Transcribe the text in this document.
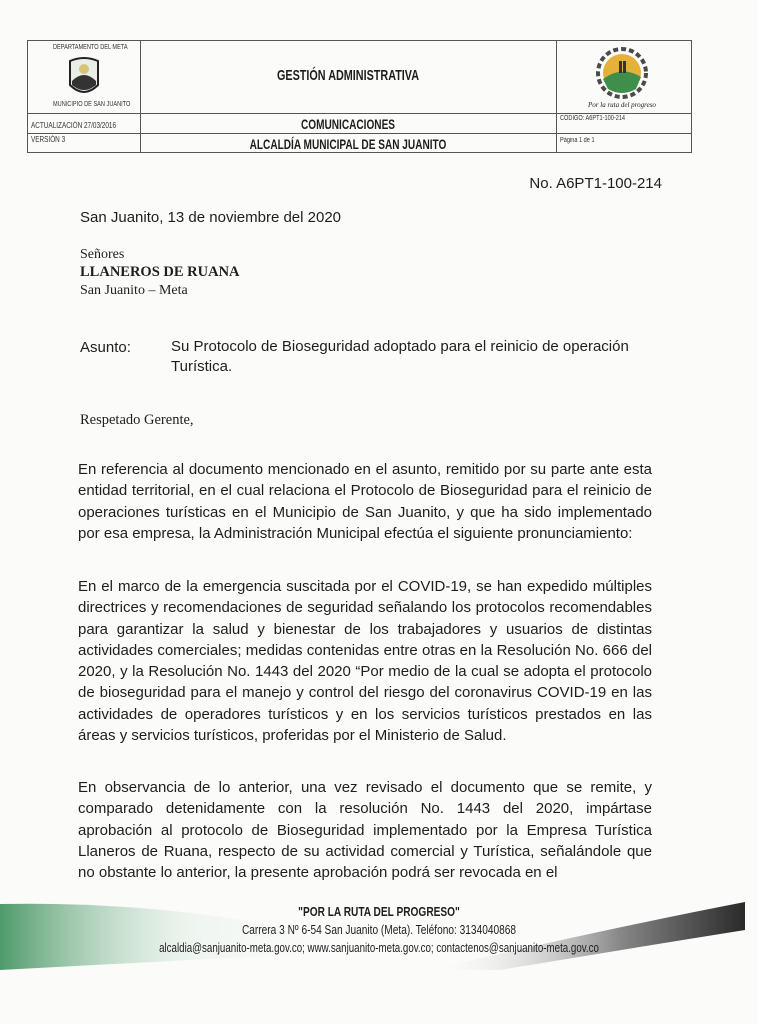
DEPARTAMENTO DEL META
MUNICIPIO DE SAN JUANITO
GESTIÓN ADMINISTRATIVA
COMUNICACIONES
ALCALDÍA MUNICIPAL DE SAN JUANITO
ACTUALIZACIÓN 27/03/2016
VERSIÓN 3
CÓDIGO: A6PT1-100-214
Página 1 de 1
Por la ruta del progreso
No. A6PT1-100-214
San Juanito, 13 de noviembre del 2020
Señores
LLANEROS DE RUANA
San Juanito – Meta
Asunto:	Su Protocolo de Bioseguridad adoptado para el reinicio de operación Turística.
Respetado Gerente,
En referencia al documento mencionado en el asunto, remitido por su parte ante esta entidad territorial, en el cual relaciona el Protocolo de Bioseguridad para el reinicio de operaciones turísticas en el Municipio de San Juanito, y que ha sido implementado por esa empresa, la Administración Municipal efectúa el siguiente pronunciamiento:
En el marco de la emergencia suscitada por el COVID-19, se han expedido múltiples directrices y recomendaciones de seguridad señalando los protocolos recomendables para garantizar la salud y bienestar de los trabajadores y usuarios de distintas actividades comerciales; medidas contenidas entre otras en la Resolución No. 666 del 2020, y la Resolución No. 1443 del 2020 “Por medio de la cual se adopta el protocolo de bioseguridad para el manejo y control del riesgo del coronavirus COVID-19 en las actividades de operadores turísticos y en los servicios turísticos prestados en las áreas y servicios turísticos, proferidas por el Ministerio de Salud.
En observancia de lo anterior, una vez revisado el documento que se remite, y comparado detenidamente con la resolución No. 1443 del 2020, impártase aprobación al protocolo de Bioseguridad implementado por la Empresa Turística Llaneros de Ruana, respecto de su actividad comercial y Turística, señalándole que no obstante lo anterior, la presente aprobación podrá ser revocada en el
"POR LA RUTA DEL PROGRESO"
Carrera 3 Nº 6-54 San Juanito (Meta). Teléfono: 3134040868
alcaldia@sanjuanito-meta.gov.co; www.sanjuanito-meta.gov.co; contactenos@sanjuanito-meta.gov.co
